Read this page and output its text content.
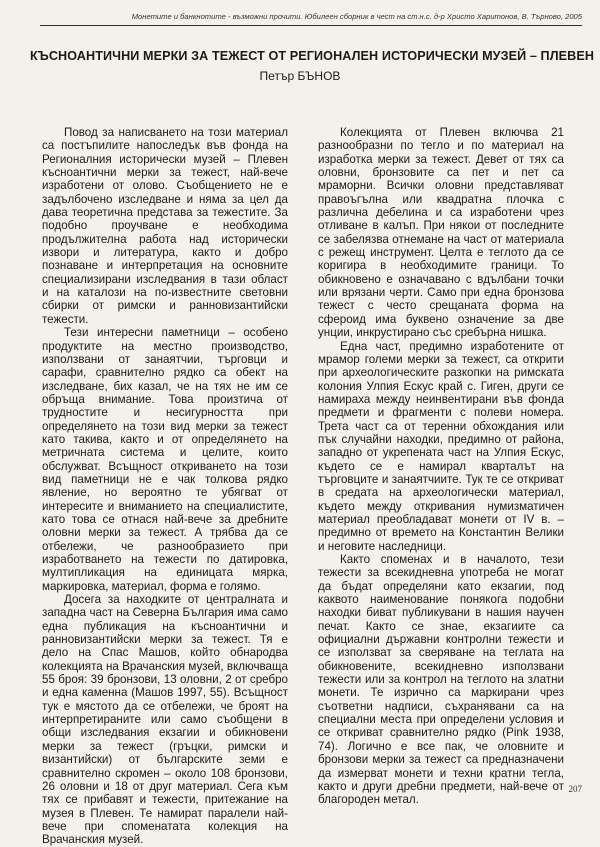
Монетите и банкнотите - възможни прочити. Юбилеен сборник в чест на ст.н.с. д-р Христо Харитонов, В. Търново, 2005
КЪСНОАНТИЧНИ МЕРКИ ЗА ТЕЖЕСТ ОТ РЕГИОНАЛЕН ИСТОРИЧЕСКИ МУЗЕЙ – ПЛЕВЕН
Петър БЪНОВ

Повод за написването на този материал са постъпилите напоследък във фонда на Регионалния исторически музей – Плевен късноантични мерки за тежест, най-вече изработени от олово. Съобщението не е задълбочено изследване и няма за цел да дава теоретична представа за тежестите. За подобно проучване е необходима продължителна работа над исторически извори и литература, както и добро познаване и интерпретация на основните специализирани изследвания в тази област и на каталози на по-известните световни сбирки от римски и ранновизантийски тежести.

Тези интересни паметници – особено продуктите на местно производство, използвани от занаятчии, търговци и сарафи, сравнително рядко са обект на изследване, бих казал, че на тях не им се обръща внимание. Това произтича от трудностите и несигурността при определянето на този вид мерки за тежест като такива, както и от определянето на метричната система и целите, които обслужват. Всъщност откриването на този вид паметници не е чак толкова рядко явление, но вероятно те убягват от интересите и вниманието на специалистите, като това се отнася най-вече за дребните оловни мерки за тежест. А трябва да се отбележи, че разнообразието при изработването на тежести по датировка, мултипликация на единицата мярка, маркировка, материал, форма е голямо.

Досега за находките от централната и западна част на Северна България има само една публикация на късноантични и ранновизантийски мерки за тежест. Тя е дело на Спас Машов, който обнародва колекцията на Врачанския музей, включваща 55 броя: 39 бронзови, 13 оловни, 2 от сребро и една каменна (Машов 1997, 55). Всъщност тук е мястото да се отбележи, че броят на интерпретираните или само съобщени в общи изследвания екзагии и обикновени мерки за тежест (гръцки, римски и византийски) от българските земи е сравнително скромен – около 108 бронзови, 26 оловни и 18 от друг материал. Сега към тях се прибавят и тежести, притежание на музея в Плевен. Те намират паралели най-вече при споменатата колекция на Врачанския музей.

Колекцията от Плевен включва 21 разнообразни по тегло и по материал на изработка мерки за тежест. Девет от тях са оловни, бронзовите са пет и пет са мраморни. Всички оловни представляват правоъгълна или квадратна плочка с различна дебелина и са изработени чрез отливане в калъп. При някои от последните се забелязва отнемане на част от материала с режещ инструмент. Целта е теглото да се коригира в необходимите граници. То обикновено е означавано с вдълбани точки или врязани черти. Само при една бронзова тежест с често срещаната форма на сфероид има буквено означение за две унции, инкрустирано със сребърна нишка.

Една част, предимно изработените от мрамор големи мерки за тежест, са открити при археологическите разкопки на римската колония Улпия Ескус край с. Гиген, други се намираха между неинвентирани във фонда предмети и фрагменти с полеви номера. Трета част са от теренни обхождания или пък случайни находки, предимно от района, западно от укрепената част на Улпия Ескус, където се е намирал кварталът на търговците и занаятчиите. Тук те се откриват в средата на археологически материал, където между откривания нумизматичен материал преобладават монети от IV в. – предимно от времето на Константин Велики и неговите наследници.

Както споменах и в началото, тези тежести за всекидневна употреба не могат да бъдат определяни като екзагии, под каквото наименование понякога подобни находки биват публикувани в нашия научен печат. Както се знае, екзагиите са официални държавни контролни тежести и се използват за сверяване на теглата на обикновените, всекидневно използвани тежести или за контрол на теглото на златни монети. Те изрично са маркирани чрез съответни надписи, съхранявани са на специални места при определени условия и се откриват сравнително рядко (Pink 1938, 74). Логично е все пак, че оловните и бронзови мерки за тежест са предназначени да измерват монети и техни кратни тегла, както и други дребни предмети, най-вече от благороден метал.

207
